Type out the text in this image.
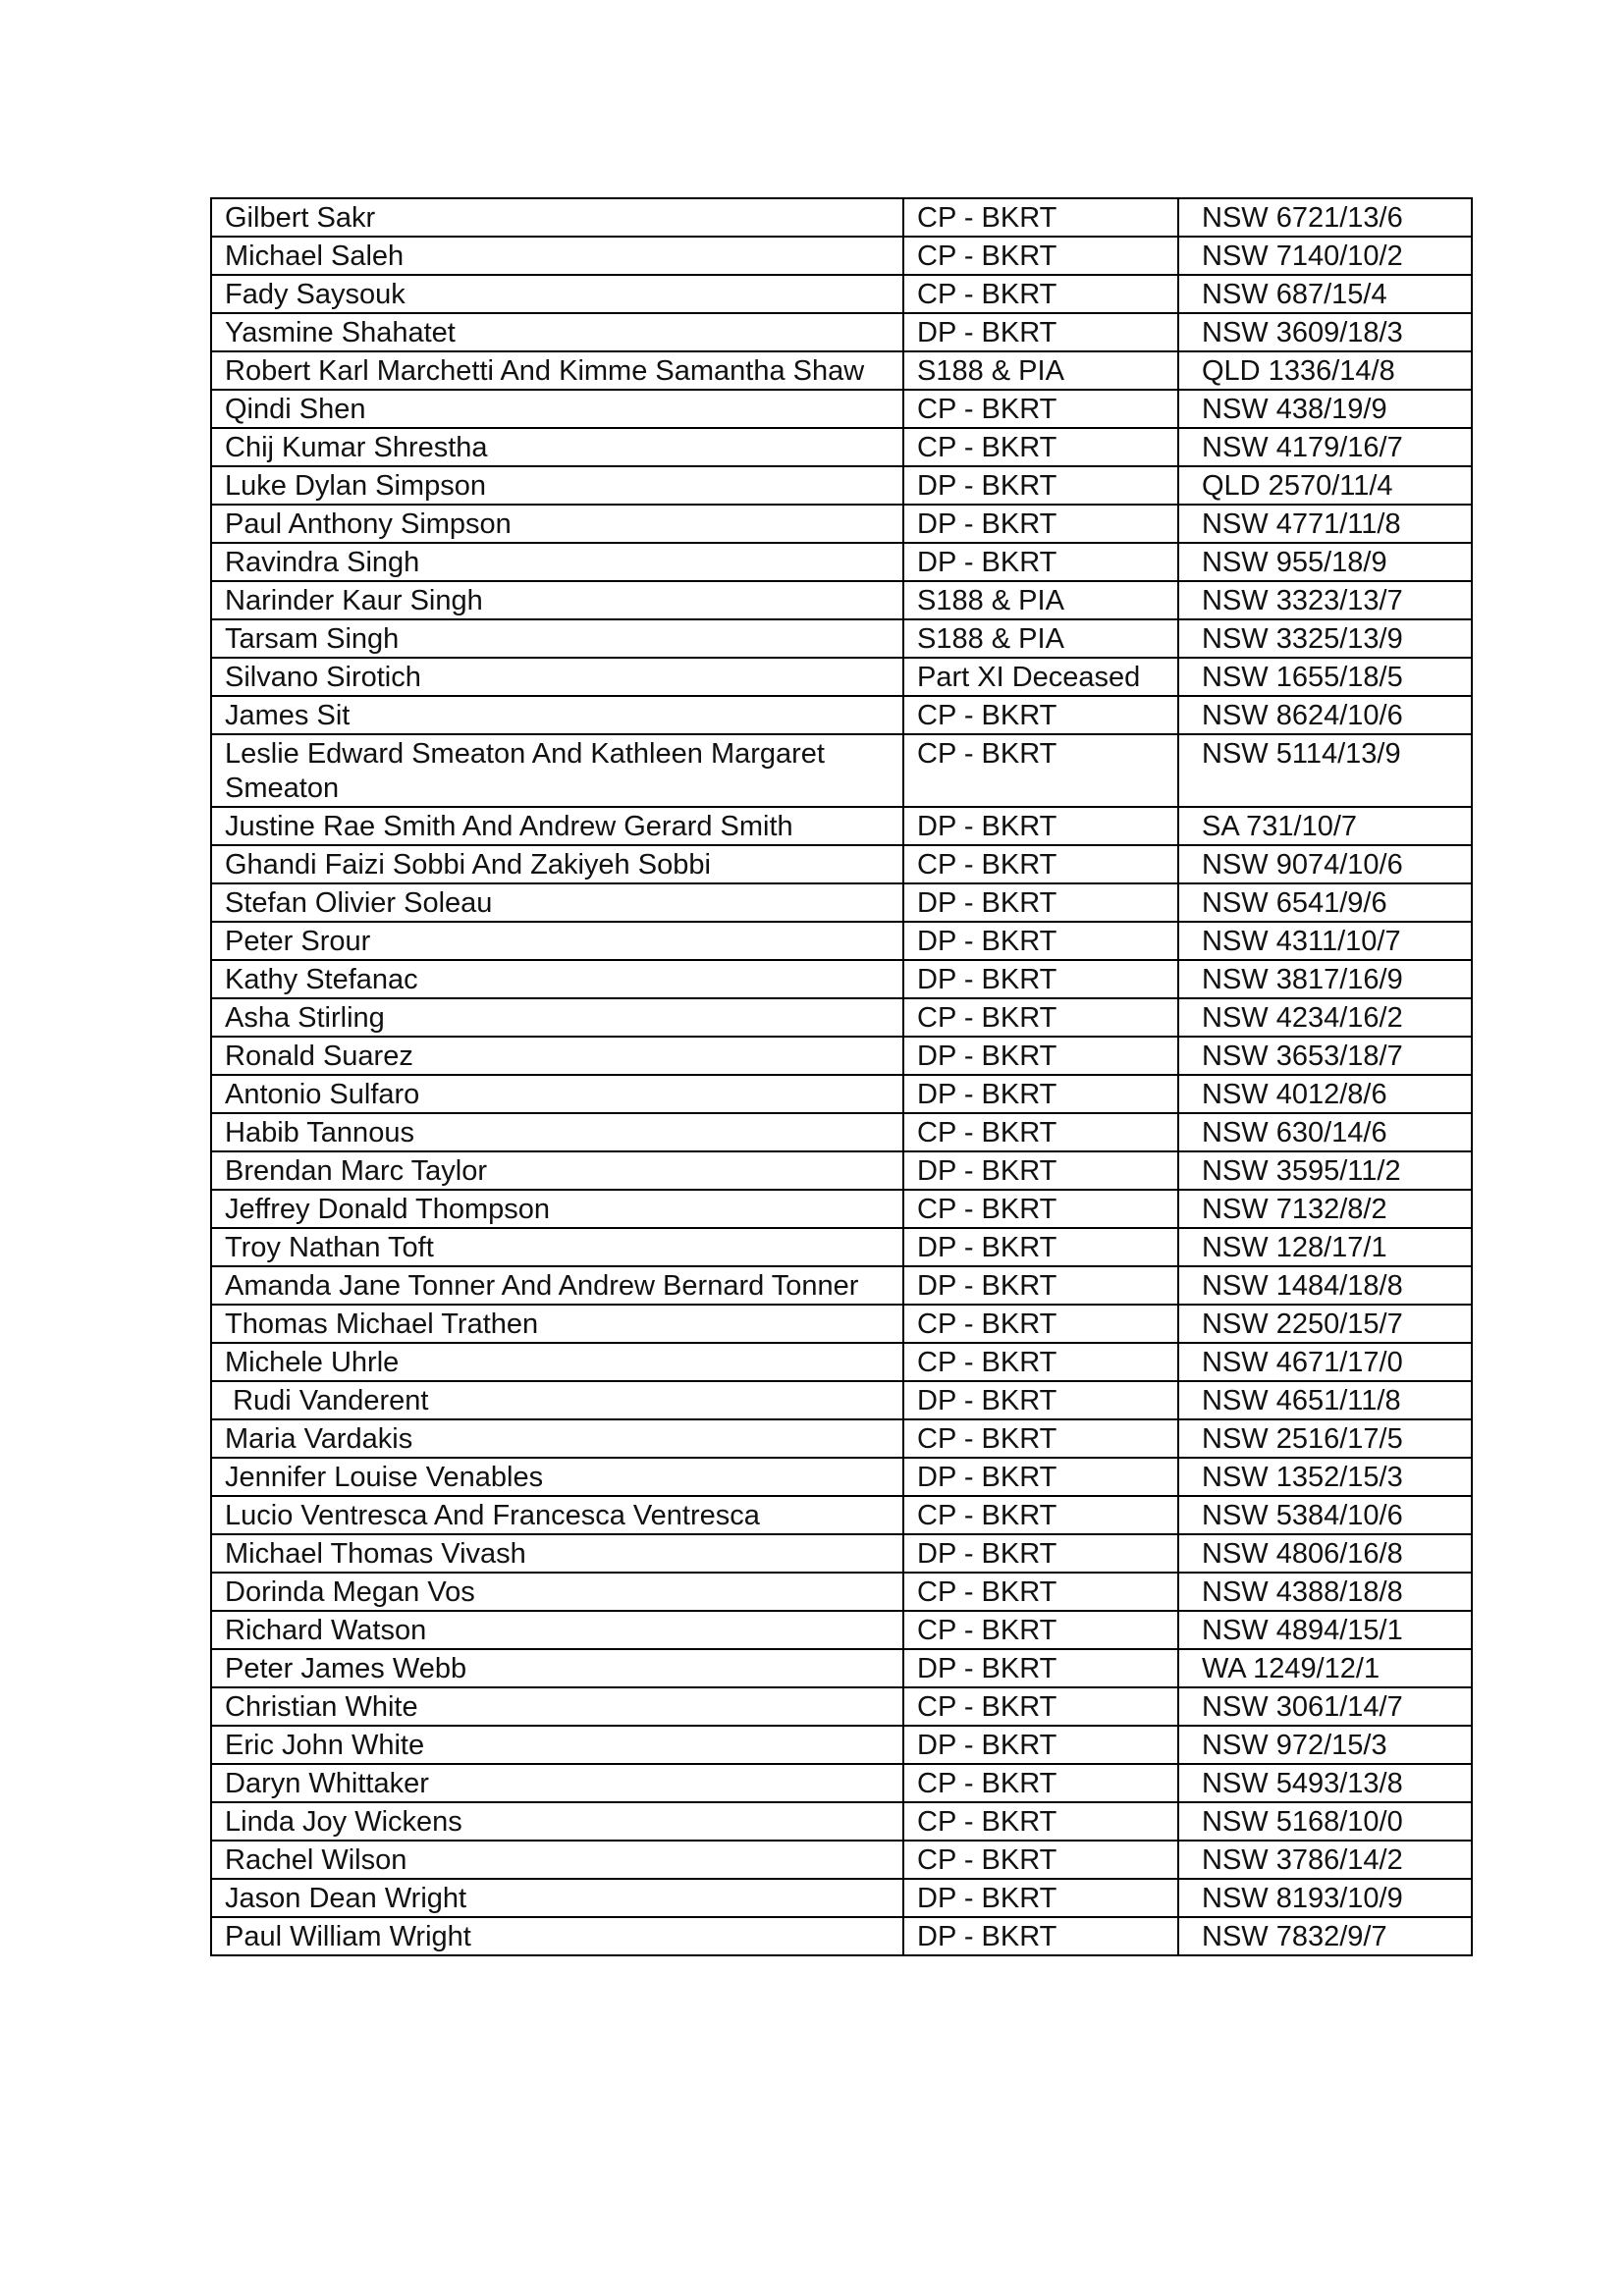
Gilbert Sakr	CP - BKRT	NSW 6721/13/6
Michael Saleh	CP - BKRT	NSW 7140/10/2
Fady Saysouk	CP - BKRT	NSW 687/15/4
Yasmine Shahatet	DP - BKRT	NSW 3609/18/3
Robert Karl Marchetti And Kimme Samantha Shaw	S188 & PIA	QLD 1336/14/8
Qindi Shen	CP - BKRT	NSW 438/19/9
Chij Kumar Shrestha	CP - BKRT	NSW 4179/16/7
Luke Dylan Simpson	DP - BKRT	QLD 2570/11/4
Paul Anthony Simpson	DP - BKRT	NSW 4771/11/8
Ravindra Singh	DP - BKRT	NSW 955/18/9
Narinder Kaur Singh	S188 & PIA	NSW 3323/13/7
Tarsam Singh	S188 & PIA	NSW 3325/13/9
Silvano Sirotich	Part XI Deceased	NSW 1655/18/5
James Sit	CP - BKRT	NSW 8624/10/6
Leslie Edward Smeaton And Kathleen Margaret Smeaton	CP - BKRT	NSW 5114/13/9
Justine Rae Smith And Andrew Gerard Smith	DP - BKRT	SA 731/10/7
Ghandi Faizi Sobbi And Zakiyeh Sobbi	CP - BKRT	NSW 9074/10/6
Stefan Olivier Soleau	DP - BKRT	NSW 6541/9/6
Peter Srour	DP - BKRT	NSW 4311/10/7
Kathy Stefanac	DP - BKRT	NSW 3817/16/9
Asha Stirling	CP - BKRT	NSW 4234/16/2
Ronald Suarez	DP - BKRT	NSW 3653/18/7
Antonio Sulfaro	DP - BKRT	NSW 4012/8/6
Habib Tannous	CP - BKRT	NSW 630/14/6
Brendan Marc Taylor	DP - BKRT	NSW 3595/11/2
Jeffrey Donald Thompson	CP - BKRT	NSW 7132/8/2
Troy Nathan Toft	DP - BKRT	NSW 128/17/1
Amanda Jane Tonner And Andrew Bernard Tonner	DP - BKRT	NSW 1484/18/8
Thomas Michael Trathen	CP - BKRT	NSW 2250/15/7
Michele Uhrle	CP - BKRT	NSW 4671/17/0
Rudi Vanderent	DP - BKRT	NSW 4651/11/8
Maria Vardakis	CP - BKRT	NSW 2516/17/5
Jennifer Louise Venables	DP - BKRT	NSW 1352/15/3
Lucio Ventresca And Francesca Ventresca	CP - BKRT	NSW 5384/10/6
Michael Thomas Vivash	DP - BKRT	NSW 4806/16/8
Dorinda Megan Vos	CP - BKRT	NSW 4388/18/8
Richard Watson	CP - BKRT	NSW 4894/15/1
Peter James Webb	DP - BKRT	WA 1249/12/1
Christian White	CP - BKRT	NSW 3061/14/7
Eric John White	DP - BKRT	NSW 972/15/3
Daryn Whittaker	CP - BKRT	NSW 5493/13/8
Linda Joy Wickens	CP - BKRT	NSW 5168/10/0
Rachel Wilson	CP - BKRT	NSW 3786/14/2
Jason Dean Wright	DP - BKRT	NSW 8193/10/9
Paul William Wright	DP - BKRT	NSW 7832/9/7
